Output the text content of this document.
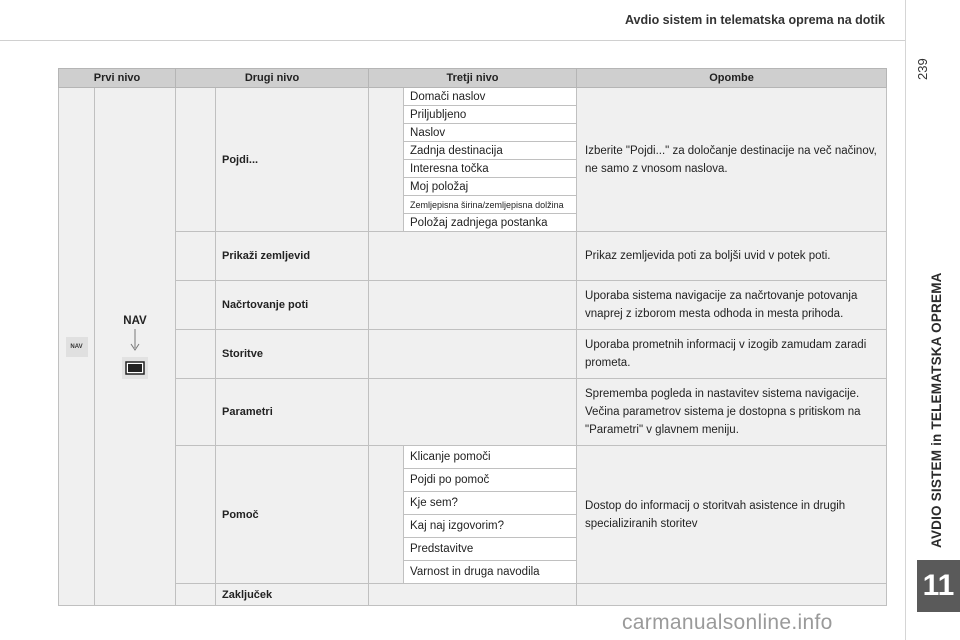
Avdio sistem in telematska oprema na dotik
239
AVDIO SISTEM in TELEMATSKA OPREMA
11
carmanualsonline.info
Prvi nivo		Drugi nivo		Tretji nivo		Opombe
NAV	NAV		Pojdi...		Domači naslov	Izberite "Pojdi..." za določanje destinacije na več načinov, ne samo z vnosom naslova.
					Priljubljeno	
					Naslov	
					Zadnja destinacija	
					Interesna točka	
					Moj položaj	
					Zemljepisna širina/zemljepisna dolžina	
					Položaj zadnjega postanka	
			Prikaži zemljevid			Prikaz zemljevida poti za boljši uvid v potek poti.
			Načrtovanje poti			Uporaba sistema navigacije za načrtovanje potovanja vnaprej z izborom mesta odhoda in mesta prihoda.
			Storitve			Uporaba prometnih informacij v izogib zamudam zaradi prometa.
			Parametri			Sprememba pogleda in nastavitev sistema navigacije. Večina parametrov sistema je dostopna s pritiskom na "Parametri" v glavnem meniju.
			Pomoč		Klicanje pomoči	Dostop do informacij o storitvah asistence in drugih specializiranih storitev
					Pojdi po pomoč	
					Kje sem?	
					Kaj naj izgovorim?	
					Predstavitve	
					Varnost in druga navodila	
			Zaključek			
